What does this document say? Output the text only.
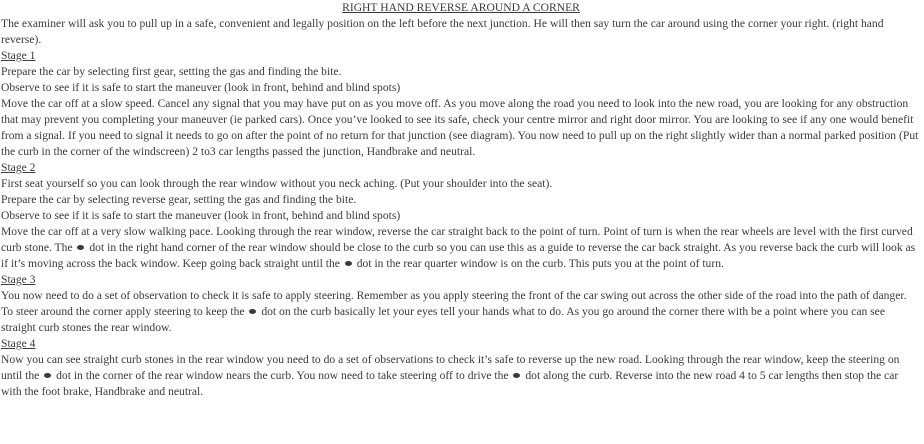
RIGHT HAND REVERSE AROUND A CORNER

The examiner will ask you to pull up in a safe, convenient and legally position on the left before the next junction. He will then say turn the car around using the corner your right. (right hand reverse).

Stage 1

Prepare the car by selecting first gear, setting the gas and finding the bite.

Observe to see if it is safe to start the maneuver (look in front, behind and blind spots)

Move the car off at a slow speed. Cancel any signal that you may have put on as you move off. As you move along the road you need to look into the new road, you are looking for any obstruction that may prevent you completing your maneuver (ie parked cars). Once you’ve looked to see its safe, check your centre mirror and right door mirror. You are looking to see if any one would benefit from a signal. If you need to signal it needs to go on after the point of no return for that junction (see diagram). You now need to pull up on the right slightly wider than a normal parked position (Put the curb in the corner of the windscreen) 2 to3 car lengths passed the junction, Handbrake and neutral.

Stage 2

First seat yourself so you can look through the rear window without you neck aching. (Put your shoulder into the seat).

Prepare the car by selecting reverse gear, setting the gas and finding the bite.

Observe to see if it is safe to start the maneuver (look in front, behind and blind spots)

Move the car off at a very slow walking pace. Looking through the rear window, reverse the car straight back to the point of turn. Point of turn is when the rear wheels are level with the first curved curb stone. The  dot in the right hand corner of the rear window should be close to the curb so you can use this as a guide to reverse the car back straight. As you reverse back the curb will look as if it’s moving across the back window. Keep going back straight until the  dot in the rear quarter window is on the curb. This puts you at the point of turn.

Stage 3

You now need to do a set of observation to check it is safe to apply steering. Remember as you apply steering the front of the car swing out across the other side of the road into the path of danger. To steer around the corner apply steering to keep the  dot on the curb basically let your eyes tell your hands what to do. As you go around the corner there with be a point where you can see straight curb stones the rear window.

Stage 4

Now you can see straight curb stones in the rear window you need to do a set of observations to check it’s safe to reverse up the new road. Looking through the rear window, keep the steering on until the  dot in the corner of the rear window nears the curb. You now need to take steering off to drive the  dot along the curb. Reverse into the new road 4 to 5 car lengths then stop the car with the foot brake, Handbrake and neutral.
